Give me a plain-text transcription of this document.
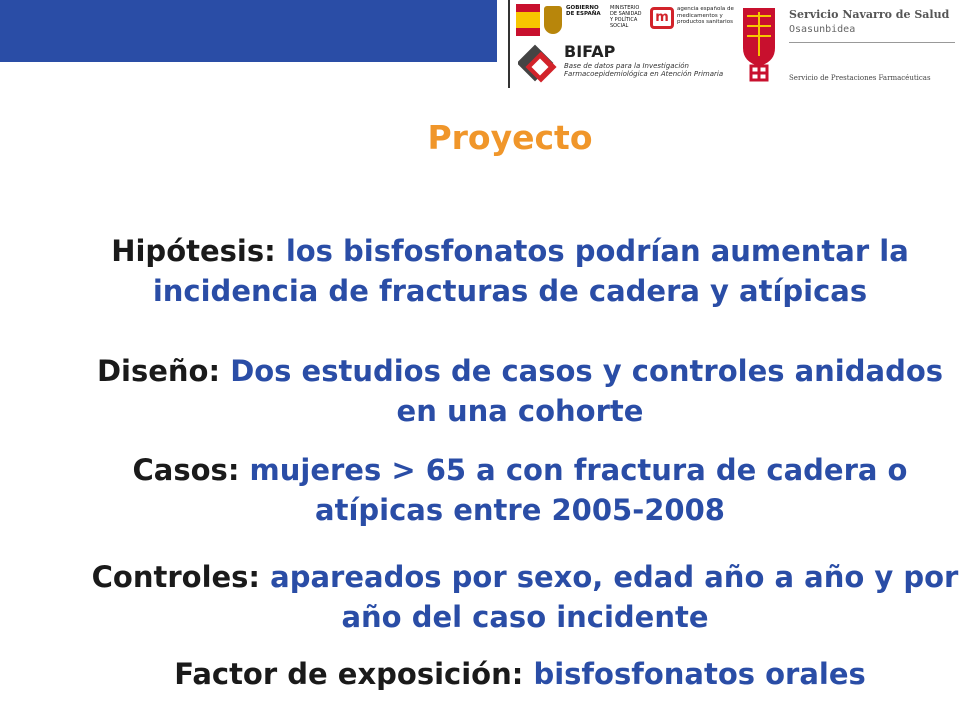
GOBIERNO DE ESPAÑA
MINISTERIO DE SANIDAD Y POLÍTICA SOCIAL
m
agencia española de medicamentos y productos sanitarios
BIFAP
Base de datos para la Investigación Farmacoepidemiológica en Atención Primaria
Servicio Navarro de Salud
Osasunbidea
Servicio de Prestaciones Farmacéuticas
Proyecto
Hipótesis: los bisfosfonatos podrían aumentar la incidencia de fracturas de cadera y atípicas
Diseño: Dos estudios de casos y controles anidados en una cohorte
Casos: mujeres > 65 a con fractura de cadera o atípicas entre 2005-2008
Controles: apareados por sexo, edad año a año y por año del caso incidente
Factor de exposición: bisfosfonatos orales
